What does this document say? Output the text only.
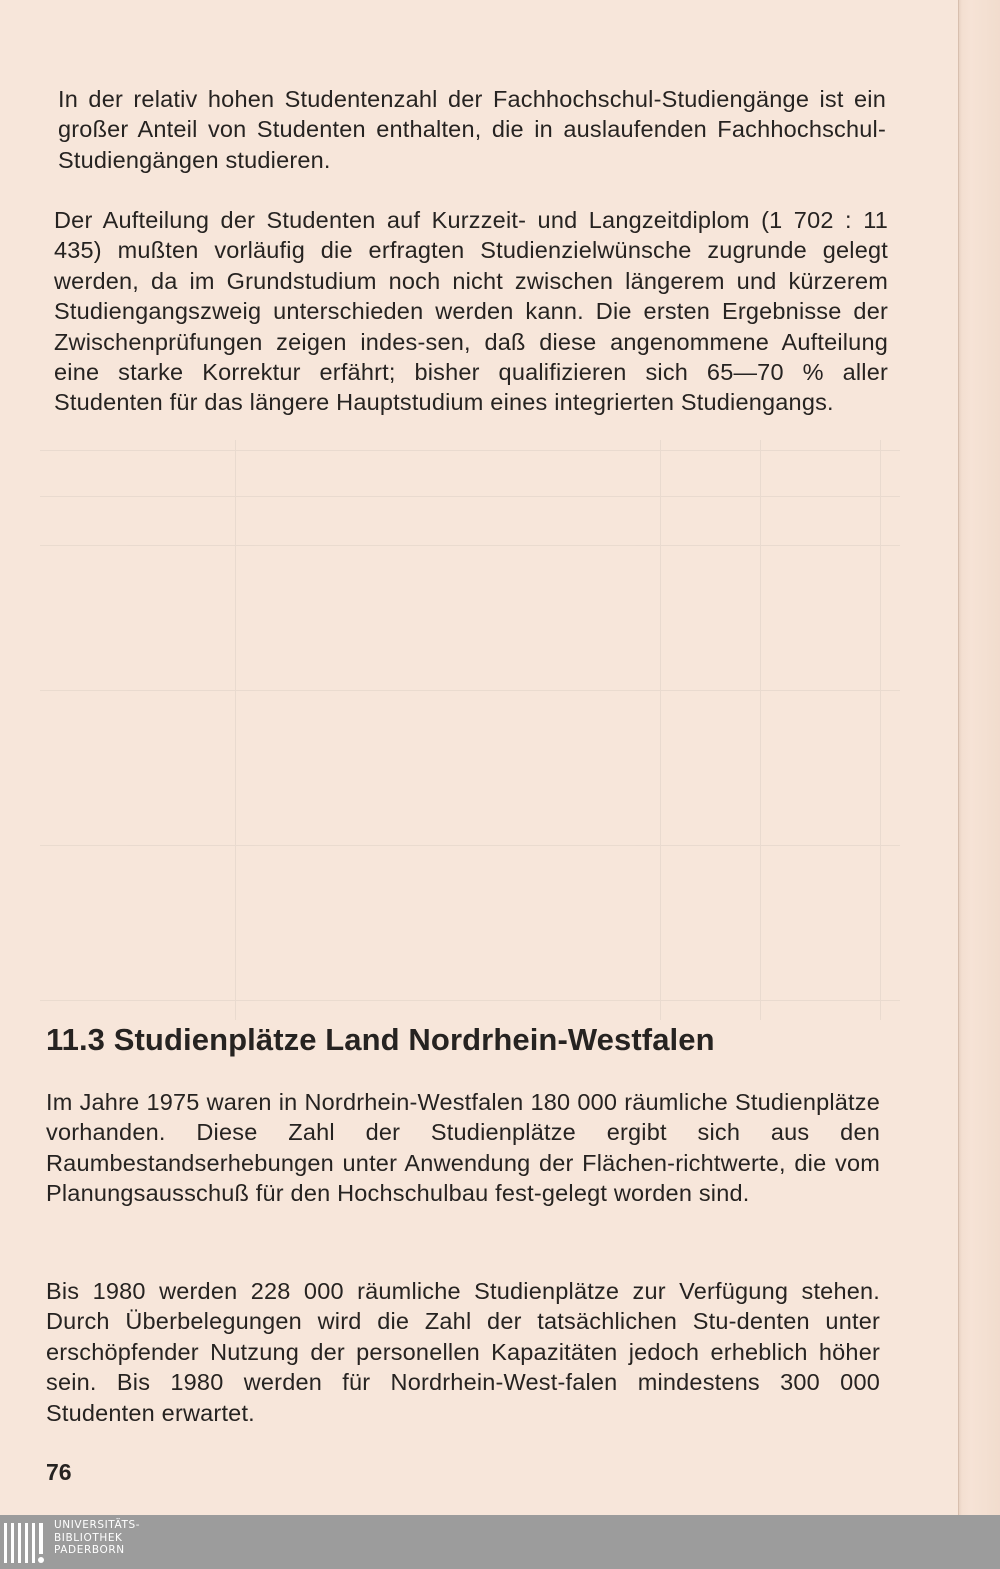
In der relativ hohen Studentenzahl der Fachhochschul-Studiengänge ist ein großer Anteil von Studenten enthalten, die in auslaufenden Fachhochschul-Studiengängen studieren.

Der Aufteilung der Studenten auf Kurzzeit- und Langzeitdiplom (1 702 : 11 435) mußten vorläufig die erfragten Studienzielwünsche zugrunde gelegt werden, da im Grundstudium noch nicht zwischen längerem und kürzerem Studiengangszweig unterschieden werden kann. Die ersten Ergebnisse der Zwischenprüfungen zeigen indes-sen, daß diese angenommene Aufteilung eine starke Korrektur erfährt; bisher qualifizieren sich 65—70 % aller Studenten für das längere Hauptstudium eines integrierten Studiengangs.

11.3 Studienplätze Land Nordrhein-Westfalen

Im Jahre 1975 waren in Nordrhein-Westfalen 180 000 räumliche Studienplätze vorhanden. Diese Zahl der Studienplätze ergibt sich aus den Raumbestandserhebungen unter Anwendung der Flächen-richtwerte, die vom Planungsausschuß für den Hochschulbau fest-gelegt worden sind.

Bis 1980 werden 228 000 räumliche Studienplätze zur Verfügung stehen. Durch Überbelegungen wird die Zahl der tatsächlichen Stu-denten unter erschöpfender Nutzung der personellen Kapazitäten jedoch erheblich höher sein. Bis 1980 werden für Nordrhein-West-falen mindestens 300 000 Studenten erwartet.

76
UNIVERSITÄTS-
BIBLIOTHEK
PADERBORN
